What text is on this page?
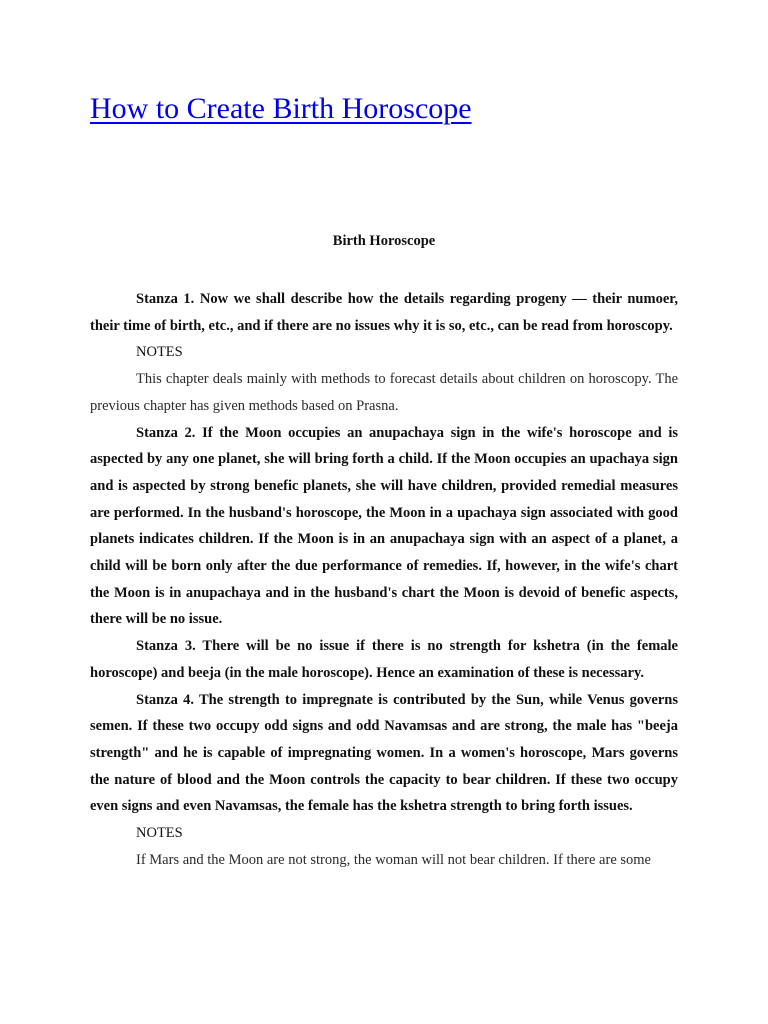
How to Create Birth Horoscope

Birth Horoscope

Stanza 1. Now we shall describe how the details regarding progeny — their numoer, their time of birth, etc., and if there are no issues why it is so, etc., can be read from horoscopy.

NOTES

This chapter deals mainly with methods to forecast details about children on horoscopy. The previous chapter has given methods based on Prasna.

Stanza 2. If the Moon occupies an anupachaya sign in the wife's horoscope and is aspected by any one planet, she will bring forth a child. If the Moon occupies an upachaya sign and is aspected by strong benefic planets, she will have children, provided remedial measures are performed. In the husband's horoscope, the Moon in a upachaya sign associated with good planets indicates children. If the Moon is in an anupachaya sign with an aspect of a planet, a child will be born only after the due performance of remedies. If, however, in the wife's chart the Moon is in anupachaya and in the husband's chart the Moon is devoid of benefic aspects, there will be no issue.

Stanza 3. There will be no issue if there is no strength for kshetra (in the female horoscope) and beeja (in the male horoscope). Hence an examination of these is necessary.

Stanza 4. The strength to impregnate is contributed by the Sun, while Venus governs semen. If these two occupy odd signs and odd Navamsas and are strong, the male has "beeja strength" and he is capable of impregnating women. In a women's horoscope, Mars governs the nature of blood and the Moon controls the capacity to bear children. If these two occupy even signs and even Navamsas, the female has the kshetra strength to bring forth issues.

NOTES

If Mars and the Moon are not strong, the woman will not bear children. If there are some
